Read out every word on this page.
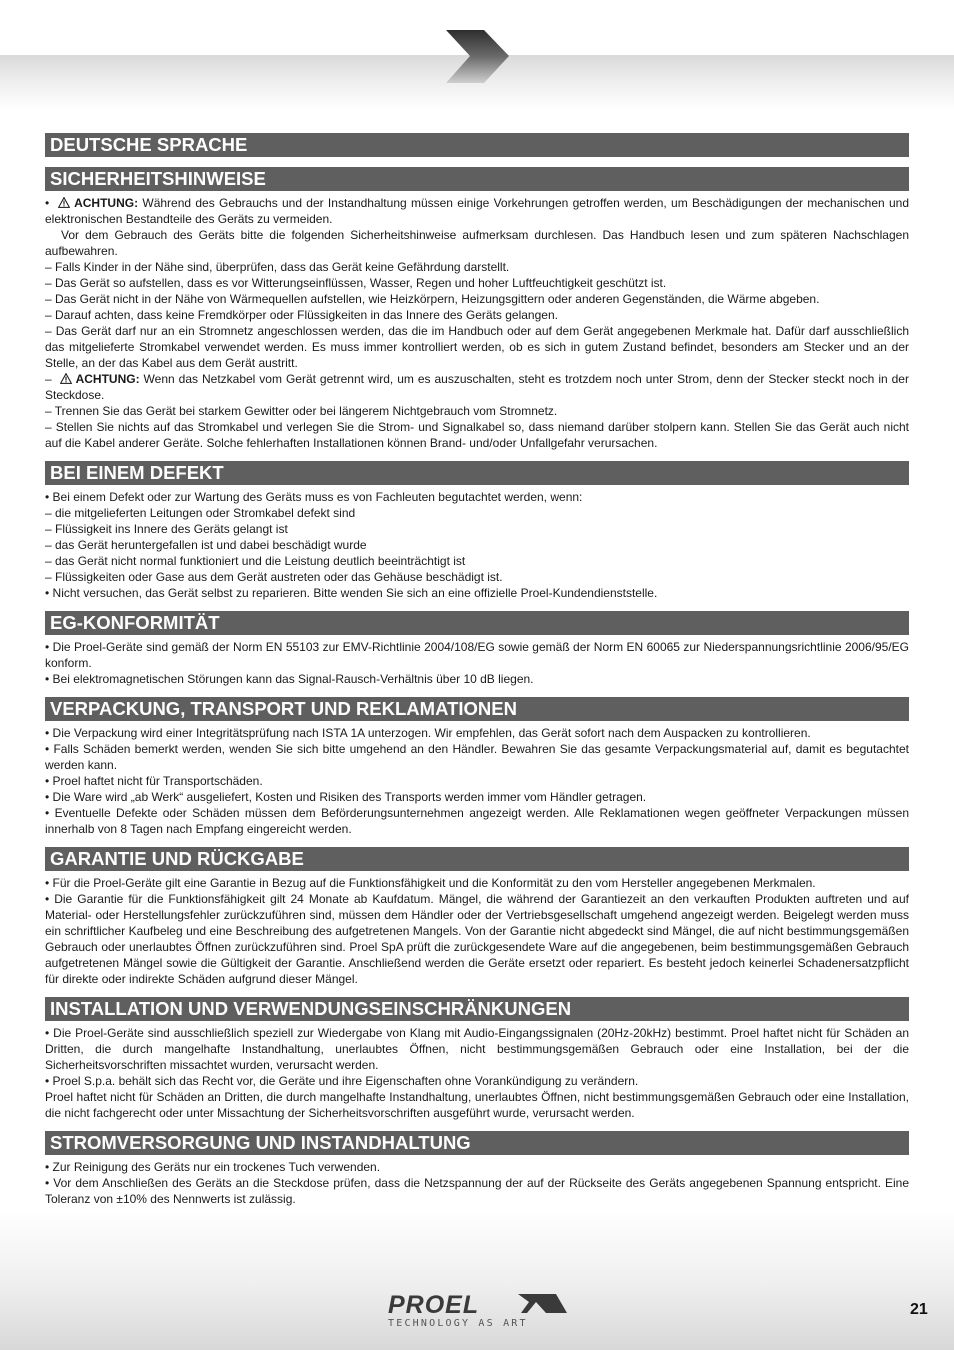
DEUTSCHE SPRACHE
SICHERHEITSHINWEISE

• ACHTUNG: Während des Gebrauchs und der Instandhaltung müssen einige Vorkehrungen getroffen werden, um Beschädigungen der mechanischen und elektronischen Bestandteile des Geräts zu vermeiden.

Vor dem Gebrauch des Geräts bitte die folgenden Sicherheitshinweise aufmerksam durchlesen. Das Handbuch lesen und zum späteren Nachschlagen aufbewahren.

– Falls Kinder in der Nähe sind, überprüfen, dass das Gerät keine Gefährdung darstellt.

– Das Gerät so aufstellen, dass es vor Witterungseinflüssen, Wasser, Regen und hoher Luftfeuchtigkeit geschützt ist.

– Das Gerät nicht in der Nähe von Wärmequellen aufstellen, wie Heizkörpern, Heizungsgittern oder anderen Gegenständen, die Wärme abgeben.

– Darauf achten, dass keine Fremdkörper oder Flüssigkeiten in das Innere des Geräts gelangen.

– Das Gerät darf nur an ein Stromnetz angeschlossen werden, das die im Handbuch oder auf dem Gerät angegebenen Merkmale hat. Dafür darf ausschließlich das mitgelieferte Stromkabel verwendet werden. Es muss immer kontrolliert werden, ob es sich in gutem Zustand befindet, besonders am Stecker und an der Stelle, an der das Kabel aus dem Gerät austritt.

– ACHTUNG: Wenn das Netzkabel vom Gerät getrennt wird, um es auszuschalten, steht es trotzdem noch unter Strom, denn der Stecker steckt noch in der Steckdose.

– Trennen Sie das Gerät bei starkem Gewitter oder bei längerem Nichtgebrauch vom Stromnetz.

– Stellen Sie nichts auf das Stromkabel und verlegen Sie die Strom- und Signalkabel so, dass niemand darüber stolpern kann. Stellen Sie das Gerät auch nicht auf die Kabel anderer Geräte. Solche fehlerhaften Installationen können Brand- und/oder Unfallgefahr verursachen.

BEI EINEM DEFEKT

• Bei einem Defekt oder zur Wartung des Geräts muss es von Fachleuten begutachtet werden, wenn:

– die mitgelieferten Leitungen oder Stromkabel defekt sind

– Flüssigkeit ins Innere des Geräts gelangt ist

– das Gerät heruntergefallen ist und dabei beschädigt wurde

– das Gerät nicht normal funktioniert und die Leistung deutlich beeinträchtigt ist

– Flüssigkeiten oder Gase aus dem Gerät austreten oder das Gehäuse beschädigt ist.

• Nicht versuchen, das Gerät selbst zu reparieren. Bitte wenden Sie sich an eine offizielle Proel-Kundendienststelle.

EG-KONFORMITÄT

• Die Proel-Geräte sind gemäß der Norm EN 55103 zur EMV-Richtlinie 2004/108/EG sowie gemäß der Norm EN 60065 zur Niederspannungsrichtlinie 2006/95/EG konform.

• Bei elektromagnetischen Störungen kann das Signal-Rausch-Verhältnis über 10 dB liegen.

VERPACKUNG, TRANSPORT UND REKLAMATIONEN

• Die Verpackung wird einer Integritätsprüfung nach ISTA 1A unterzogen. Wir empfehlen, das Gerät sofort nach dem Auspacken zu kontrollieren.

• Falls Schäden bemerkt werden, wenden Sie sich bitte umgehend an den Händler. Bewahren Sie das gesamte Verpackungsmaterial auf, damit es begutachtet werden kann.

• Proel haftet nicht für Transportschäden.

• Die Ware wird „ab Werk“ ausgeliefert, Kosten und Risiken des Transports werden immer vom Händler getragen.

• Eventuelle Defekte oder Schäden müssen dem Beförderungsunternehmen angezeigt werden. Alle Reklamationen wegen geöffneter Verpackungen müssen innerhalb von 8 Tagen nach Empfang eingereicht werden.

GARANTIE UND RÜCKGABE

• Für die Proel-Geräte gilt eine Garantie in Bezug auf die Funktionsfähigkeit und die Konformität zu den vom Hersteller angegebenen Merkmalen.

• Die Garantie für die Funktionsfähigkeit gilt 24 Monate ab Kaufdatum. Mängel, die während der Garantiezeit an den verkauften Produkten auftreten und auf Material- oder Herstellungsfehler zurückzuführen sind, müssen dem Händler oder der Vertriebsgesellschaft umgehend angezeigt werden. Beigelegt werden muss ein schriftlicher Kaufbeleg und eine Beschreibung des aufgetretenen Mangels. Von der Garantie nicht abgedeckt sind Mängel, die auf nicht bestimmungsgemäßen Gebrauch oder unerlaubtes Öffnen zurückzuführen sind. Proel SpA prüft die zurückgesendete Ware auf die angegebenen, beim bestimmungsgemäßen Gebrauch aufgetretenen Mängel sowie die Gültigkeit der Garantie. Anschließend werden die Geräte ersetzt oder repariert. Es besteht jedoch keinerlei Schadenersatzpflicht für direkte oder indirekte Schäden aufgrund dieser Mängel.

INSTALLATION UND VERWENDUNGSEINSCHRÄNKUNGEN

• Die Proel-Geräte sind ausschließlich speziell zur Wiedergabe von Klang mit Audio-Eingangssignalen (20Hz-20kHz) bestimmt. Proel haftet nicht für Schäden an Dritten, die durch mangelhafte Instandhaltung, unerlaubtes Öffnen, nicht bestimmungsgemäßen Gebrauch oder eine Installation, bei der die Sicherheitsvorschriften missachtet wurden, verursacht werden.

• Proel S.p.a. behält sich das Recht vor, die Geräte und ihre Eigenschaften ohne Vorankündigung zu verändern.

Proel haftet nicht für Schäden an Dritten, die durch mangelhafte Instandhaltung, unerlaubtes Öffnen, nicht bestimmungsgemäßen Gebrauch oder eine Installation, die nicht fachgerecht oder unter Missachtung der Sicherheitsvorschriften ausgeführt wurde, verursacht werden.

STROMVERSORGUNG UND INSTANDHALTUNG

• Zur Reinigung des Geräts nur ein trockenes Tuch verwenden.

• Vor dem Anschließen des Geräts an die Steckdose prüfen, dass die Netzspannung der auf der Rückseite des Geräts angegebenen Spannung entspricht. Eine Toleranz von ±10% des Nennwerts ist zulässig.

PROEL
TECHNOLOGY AS ART
21
